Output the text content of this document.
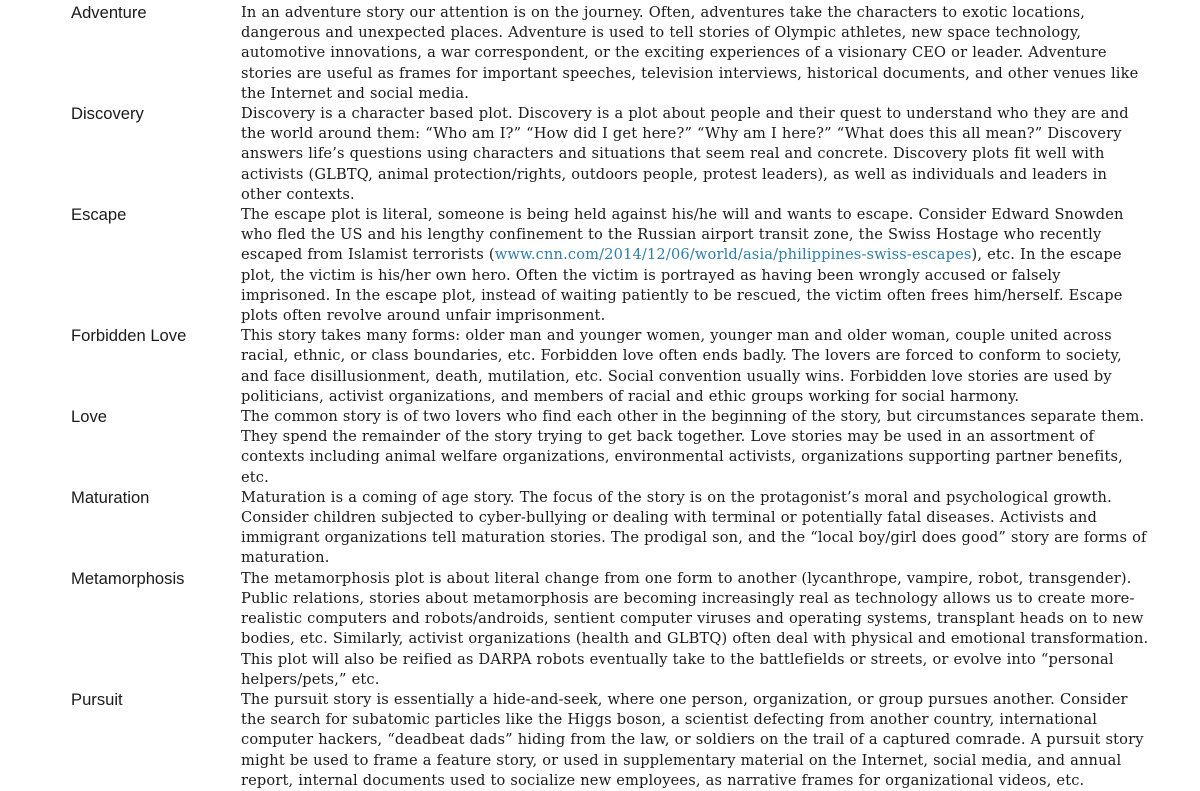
Adventure	In an adventure story our attention is on the journey. Often, adventures take the characters to exotic locations, dangerous and unexpected places. Adventure is used to tell stories of Olympic athletes, new space technology, automotive innovations, a war correspondent, or the exciting experiences of a visionary CEO or leader. Adventure stories are useful as frames for important speeches, television interviews, historical documents, and other venues like the Internet and social media.
Discovery	Discovery is a character based plot. Discovery is a plot about people and their quest to understand who they are and the world around them: “Who am I?” “How did I get here?” “Why am I here?” “What does this all mean?” Discovery answers life’s questions using characters and situations that seem real and concrete. Discovery plots fit well with activists (GLBTQ, animal protection/rights, outdoors people, protest leaders), as well as individuals and leaders in other contexts.
Escape	The escape plot is literal, someone is being held against his/he will and wants to escape. Consider Edward Snowden who fled the US and his lengthy confinement to the Russian airport transit zone, the Swiss Hostage who recently escaped from Islamist terrorists (www.cnn.com/2014/12/06/world/asia/philippines-swiss-escapes), etc. In the escape plot, the victim is his/her own hero. Often the victim is portrayed as having been wrongly accused or falsely imprisoned. In the escape plot, instead of waiting patiently to be rescued, the victim often frees him/herself. Escape plots often revolve around unfair imprisonment.
Forbidden Love	This story takes many forms: older man and younger women, younger man and older woman, couple united across racial, ethnic, or class boundaries, etc. Forbidden love often ends badly. The lovers are forced to conform to society, and face disillusionment, death, mutilation, etc. Social convention usually wins. Forbidden love stories are used by politicians, activist organizations, and members of racial and ethic groups working for social harmony.
Love	The common story is of two lovers who find each other in the beginning of the story, but circumstances separate them. They spend the remainder of the story trying to get back together. Love stories may be used in an assortment of contexts including animal welfare organizations, environmental activists, organizations supporting partner benefits, etc.
Maturation	Maturation is a coming of age story. The focus of the story is on the protagonist’s moral and psychological growth. Consider children subjected to cyber-bullying or dealing with terminal or potentially fatal diseases. Activists and immigrant organizations tell maturation stories. The prodigal son, and the “local boy/girl does good” story are forms of maturation.
Metamorphosis	The metamorphosis plot is about literal change from one form to another (lycanthrope, vampire, robot, transgender). Public relations, stories about metamorphosis are becoming increasingly real as technology allows us to create more-realistic computers and robots/androids, sentient computer viruses and operating systems, transplant heads on to new bodies, etc. Similarly, activist organizations (health and GLBTQ) often deal with physical and emotional transformation. This plot will also be reified as DARPA robots eventually take to the battlefields or streets, or evolve into “personal helpers/pets,” etc.
Pursuit	The pursuit story is essentially a hide-and-seek, where one person, organization, or group pursues another. Consider the search for subatomic particles like the Higgs boson, a scientist defecting from another country, international computer hackers, “deadbeat dads” hiding from the law, or soldiers on the trail of a captured comrade. A pursuit story might be used to frame a feature story, or used in supplementary material on the Internet, social media, and annual report, internal documents used to socialize new employees, as narrative frames for organizational videos, etc.
